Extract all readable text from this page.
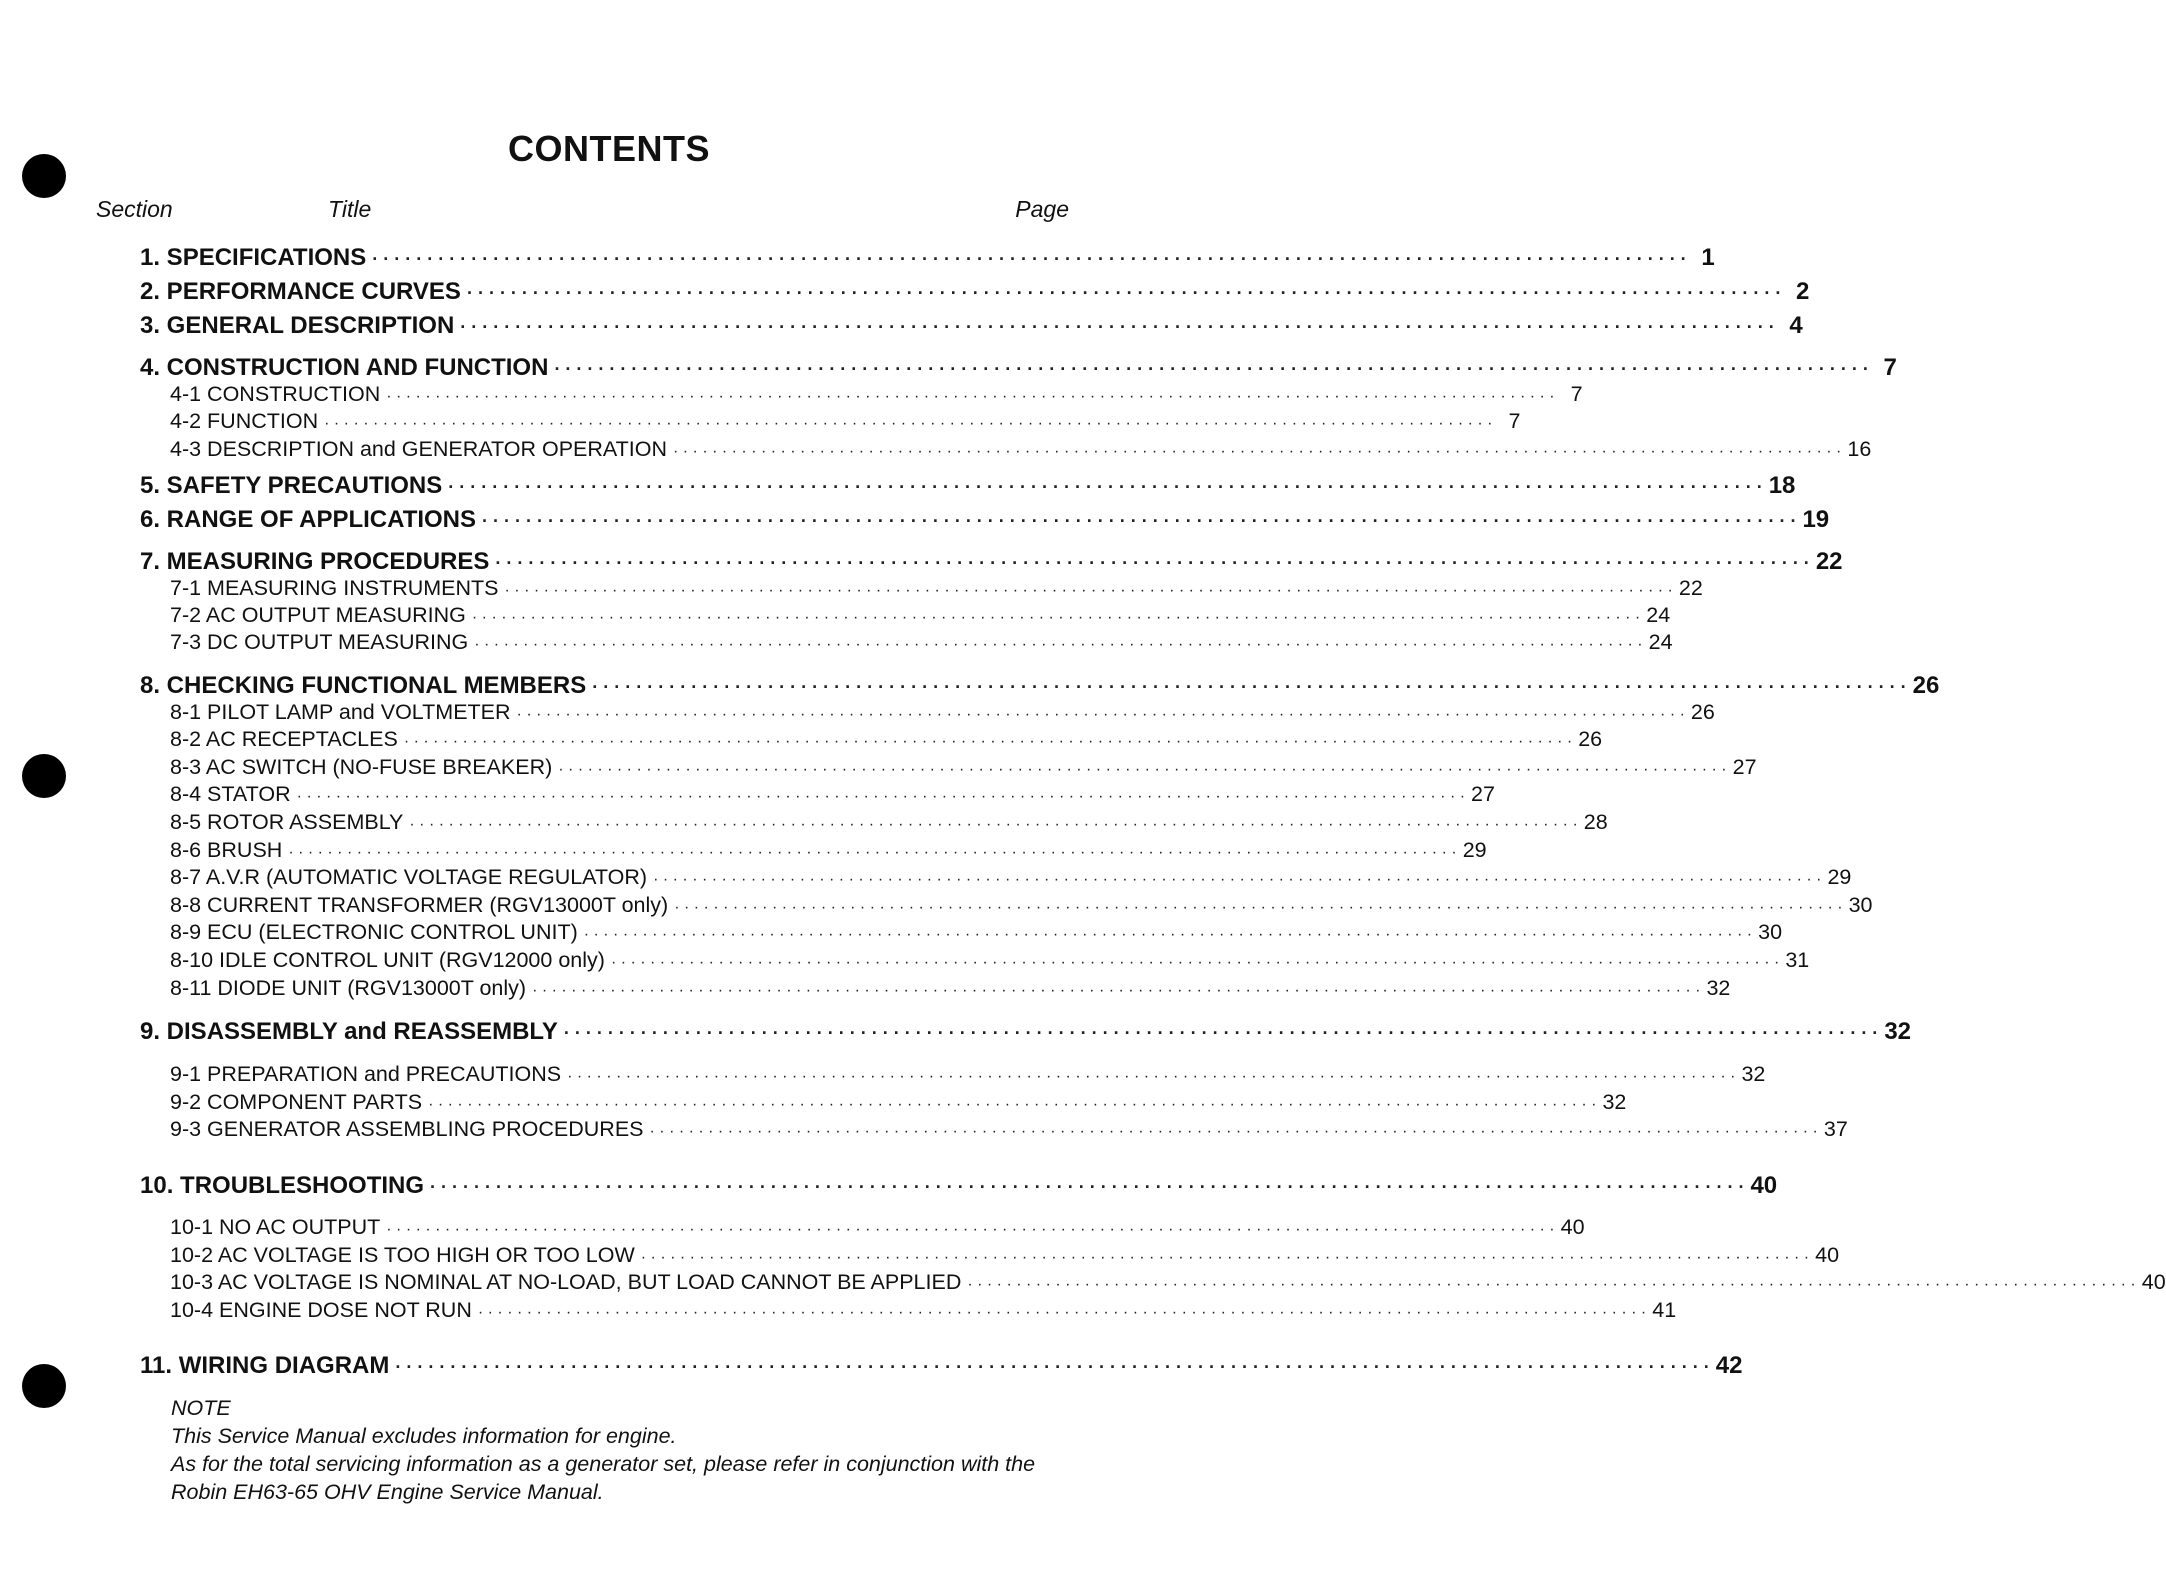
CONTENTS
Section	Title	Page
1. SPECIFICATIONS · · · · · · · · · · · · · · · · · · · · · · · · · · · · · · · · · · · · · · · · · · · · · · · · · · · · · · · · · · · · · · · · · · · · · · · · · · · · · · · · · · · · · · · · · · · · · · · · · · · · · · · · · · · · · · · · · · · · · · · · 1
2. PERFORMANCE CURVES · · · · · · · · · · · · · · · · · · · · · · · · · · · · · · · · · · · · · · · · · · · · · · · · · · · · · · · · · · · · · · · · · · · · · · · · · · · · · · · · · · · · · · · · · · · · · · · · · · · · · · · · · · · · · · · · · · · · · · · · 2
3. GENERAL DESCRIPTION · · · · · · · · · · · · · · · · · · · · · · · · · · · · · · · · · · · · · · · · · · · · · · · · · · · · · · · · · · · · · · · · · · · · · · · · · · · · · · · · · · · · · · · · · · · · · · · · · · · · · · · · · · · · · · · · · · · · · · · · 4
4. CONSTRUCTION AND FUNCTION · · · · · · · · · · · · · · · · · · · · · · · · · · · · · · · · · · · · · · · · · · · · · · · · · · · · · · · · · · · · · · · · · · · · · · · · · · · · · · · · · · · · · · · · · · · · · · · · · · · · · · · · · · · · · · · · · · · · · · · · 7
4-1 CONSTRUCTION · · · · · · · · · · · · · · · · · · · · · · · · · · · · · · · · · · · · · · · · · · · · · · · · · · · · · · · · · · · · · · · · · · · · · · · · · · · · · · · · · · · · · · · · · · · · · · · · · · · · · · · · · · · · · · · · · · · · · · · · 7
4-2 FUNCTION · · · · · · · · · · · · · · · · · · · · · · · · · · · · · · · · · · · · · · · · · · · · · · · · · · · · · · · · · · · · · · · · · · · · · · · · · · · · · · · · · · · · · · · · · · · · · · · · · · · · · · · · · · · · · · · · · · · · · · · · 7
4-3 DESCRIPTION and GENERATOR OPERATION · · · · · · · · · · · · · · · · · · · · · · · · · · · · · · · · · · · · · · · · · · · · · · · · · · · · · · · · · · · · · · · · · · · · · · · · · · · · · · · · · · · · · · · · · · · · · · · · · · · · · · · · · · · · · · · · · · · · · · · · 16
5. SAFETY PRECAUTIONS · · · · · · · · · · · · · · · · · · · · · · · · · · · · · · · · · · · · · · · · · · · · · · · · · · · · · · · · · · · · · · · · · · · · · · · · · · · · · · · · · · · · · · · · · · · · · · · · · · · · · · · · · · · · · · · · · · · · · · · · 18
6. RANGE OF APPLICATIONS · · · · · · · · · · · · · · · · · · · · · · · · · · · · · · · · · · · · · · · · · · · · · · · · · · · · · · · · · · · · · · · · · · · · · · · · · · · · · · · · · · · · · · · · · · · · · · · · · · · · · · · · · · · · · · · · · · · · · · · · 19
7. MEASURING PROCEDURES · · · · · · · · · · · · · · · · · · · · · · · · · · · · · · · · · · · · · · · · · · · · · · · · · · · · · · · · · · · · · · · · · · · · · · · · · · · · · · · · · · · · · · · · · · · · · · · · · · · · · · · · · · · · · · · · · · · · · · · · 22
7-1 MEASURING INSTRUMENTS · · · · · · · · · · · · · · · · · · · · · · · · · · · · · · · · · · · · · · · · · · · · · · · · · · · · · · · · · · · · · · · · · · · · · · · · · · · · · · · · · · · · · · · · · · · · · · · · · · · · · · · · · · · · · · · · · · · · · · · · 22
7-2 AC OUTPUT MEASURING · · · · · · · · · · · · · · · · · · · · · · · · · · · · · · · · · · · · · · · · · · · · · · · · · · · · · · · · · · · · · · · · · · · · · · · · · · · · · · · · · · · · · · · · · · · · · · · · · · · · · · · · · · · · · · · · · · · · · · · · 24
7-3 DC OUTPUT MEASURING · · · · · · · · · · · · · · · · · · · · · · · · · · · · · · · · · · · · · · · · · · · · · · · · · · · · · · · · · · · · · · · · · · · · · · · · · · · · · · · · · · · · · · · · · · · · · · · · · · · · · · · · · · · · · · · · · · · · · · · · 24
8. CHECKING FUNCTIONAL MEMBERS · · · · · · · · · · · · · · · · · · · · · · · · · · · · · · · · · · · · · · · · · · · · · · · · · · · · · · · · · · · · · · · · · · · · · · · · · · · · · · · · · · · · · · · · · · · · · · · · · · · · · · · · · · · · · · · · · · · · · · · · 26
8-1 PILOT LAMP and VOLTMETER · · · · · · · · · · · · · · · · · · · · · · · · · · · · · · · · · · · · · · · · · · · · · · · · · · · · · · · · · · · · · · · · · · · · · · · · · · · · · · · · · · · · · · · · · · · · · · · · · · · · · · · · · · · · · · · · · · · · · · · · 26
8-2 AC RECEPTACLES · · · · · · · · · · · · · · · · · · · · · · · · · · · · · · · · · · · · · · · · · · · · · · · · · · · · · · · · · · · · · · · · · · · · · · · · · · · · · · · · · · · · · · · · · · · · · · · · · · · · · · · · · · · · · · · · · · · · · · · · 26
8-3 AC SWITCH (NO-FUSE BREAKER) · · · · · · · · · · · · · · · · · · · · · · · · · · · · · · · · · · · · · · · · · · · · · · · · · · · · · · · · · · · · · · · · · · · · · · · · · · · · · · · · · · · · · · · · · · · · · · · · · · · · · · · · · · · · · · · · · · · · · · · · 27
8-4 STATOR · · · · · · · · · · · · · · · · · · · · · · · · · · · · · · · · · · · · · · · · · · · · · · · · · · · · · · · · · · · · · · · · · · · · · · · · · · · · · · · · · · · · · · · · · · · · · · · · · · · · · · · · · · · · · · · · · · · · · · · · 27
8-5 ROTOR ASSEMBLY · · · · · · · · · · · · · · · · · · · · · · · · · · · · · · · · · · · · · · · · · · · · · · · · · · · · · · · · · · · · · · · · · · · · · · · · · · · · · · · · · · · · · · · · · · · · · · · · · · · · · · · · · · · · · · · · · · · · · · · · 28
8-6 BRUSH · · · · · · · · · · · · · · · · · · · · · · · · · · · · · · · · · · · · · · · · · · · · · · · · · · · · · · · · · · · · · · · · · · · · · · · · · · · · · · · · · · · · · · · · · · · · · · · · · · · · · · · · · · · · · · · · · · · · · · · · 29
8-7 A.V.R (AUTOMATIC VOLTAGE REGULATOR) · · · · · · · · · · · · · · · · · · · · · · · · · · · · · · · · · · · · · · · · · · · · · · · · · · · · · · · · · · · · · · · · · · · · · · · · · · · · · · · · · · · · · · · · · · · · · · · · · · · · · · · · · · · · · · · · · · · · · · · · 29
8-8 CURRENT TRANSFORMER (RGV13000T only) · · · · · · · · · · · · · · · · · · · · · · · · · · · · · · · · · · · · · · · · · · · · · · · · · · · · · · · · · · · · · · · · · · · · · · · · · · · · · · · · · · · · · · · · · · · · · · · · · · · · · · · · · · · · · · · · · · · · · · · · 30
8-9 ECU (ELECTRONIC CONTROL UNIT) · · · · · · · · · · · · · · · · · · · · · · · · · · · · · · · · · · · · · · · · · · · · · · · · · · · · · · · · · · · · · · · · · · · · · · · · · · · · · · · · · · · · · · · · · · · · · · · · · · · · · · · · · · · · · · · · · · · · · · · · 30
8-10 IDLE CONTROL UNIT (RGV12000 only) · · · · · · · · · · · · · · · · · · · · · · · · · · · · · · · · · · · · · · · · · · · · · · · · · · · · · · · · · · · · · · · · · · · · · · · · · · · · · · · · · · · · · · · · · · · · · · · · · · · · · · · · · · · · · · · · · · · · · · · · 31
8-11 DIODE UNIT (RGV13000T only) · · · · · · · · · · · · · · · · · · · · · · · · · · · · · · · · · · · · · · · · · · · · · · · · · · · · · · · · · · · · · · · · · · · · · · · · · · · · · · · · · · · · · · · · · · · · · · · · · · · · · · · · · · · · · · · · · · · · · · · · 32
9. DISASSEMBLY and REASSEMBLY · · · · · · · · · · · · · · · · · · · · · · · · · · · · · · · · · · · · · · · · · · · · · · · · · · · · · · · · · · · · · · · · · · · · · · · · · · · · · · · · · · · · · · · · · · · · · · · · · · · · · · · · · · · · · · · · · · · · · · · · 32
9-1 PREPARATION and PRECAUTIONS · · · · · · · · · · · · · · · · · · · · · · · · · · · · · · · · · · · · · · · · · · · · · · · · · · · · · · · · · · · · · · · · · · · · · · · · · · · · · · · · · · · · · · · · · · · · · · · · · · · · · · · · · · · · · · · · · · · · · · · · 32
9-2 COMPONENT PARTS · · · · · · · · · · · · · · · · · · · · · · · · · · · · · · · · · · · · · · · · · · · · · · · · · · · · · · · · · · · · · · · · · · · · · · · · · · · · · · · · · · · · · · · · · · · · · · · · · · · · · · · · · · · · · · · · · · · · · · · · 32
9-3 GENERATOR ASSEMBLING PROCEDURES · · · · · · · · · · · · · · · · · · · · · · · · · · · · · · · · · · · · · · · · · · · · · · · · · · · · · · · · · · · · · · · · · · · · · · · · · · · · · · · · · · · · · · · · · · · · · · · · · · · · · · · · · · · · · · · · · · · · · · · · 37
10. TROUBLESHOOTING · · · · · · · · · · · · · · · · · · · · · · · · · · · · · · · · · · · · · · · · · · · · · · · · · · · · · · · · · · · · · · · · · · · · · · · · · · · · · · · · · · · · · · · · · · · · · · · · · · · · · · · · · · · · · · · · · · · · · · · · 40
10-1 NO AC OUTPUT · · · · · · · · · · · · · · · · · · · · · · · · · · · · · · · · · · · · · · · · · · · · · · · · · · · · · · · · · · · · · · · · · · · · · · · · · · · · · · · · · · · · · · · · · · · · · · · · · · · · · · · · · · · · · · · · · · · · · · · · 40
10-2 AC VOLTAGE IS TOO HIGH OR TOO LOW · · · · · · · · · · · · · · · · · · · · · · · · · · · · · · · · · · · · · · · · · · · · · · · · · · · · · · · · · · · · · · · · · · · · · · · · · · · · · · · · · · · · · · · · · · · · · · · · · · · · · · · · · · · · · · · · · · · · · · · · 40
10-3 AC VOLTAGE IS NOMINAL AT NO-LOAD, BUT LOAD CANNOT BE APPLIED · · · · · · · · · · · · · · · · · · · · · · · · · · · · · · · · · · · · · · · · · · · · · · · · · · · · · · · · · · · · · · · · · · · · · · · · · · · · · · · · · · · · · · · · · · · · · · · · · · · · · · · · · · · · · · · · · · · · · · · · 40
10-4 ENGINE DOSE NOT RUN · · · · · · · · · · · · · · · · · · · · · · · · · · · · · · · · · · · · · · · · · · · · · · · · · · · · · · · · · · · · · · · · · · · · · · · · · · · · · · · · · · · · · · · · · · · · · · · · · · · · · · · · · · · · · · · · · · · · · · · · 41
11. WIRING DIAGRAM · · · · · · · · · · · · · · · · · · · · · · · · · · · · · · · · · · · · · · · · · · · · · · · · · · · · · · · · · · · · · · · · · · · · · · · · · · · · · · · · · · · · · · · · · · · · · · · · · · · · · · · · · · · · · · · · · · · · · · · · 42
NOTE
This Service Manual excludes information for engine.
As for the total servicing information as a generator set, please refer in conjunction with the
Robin EH63-65 OHV Engine Service Manual.
